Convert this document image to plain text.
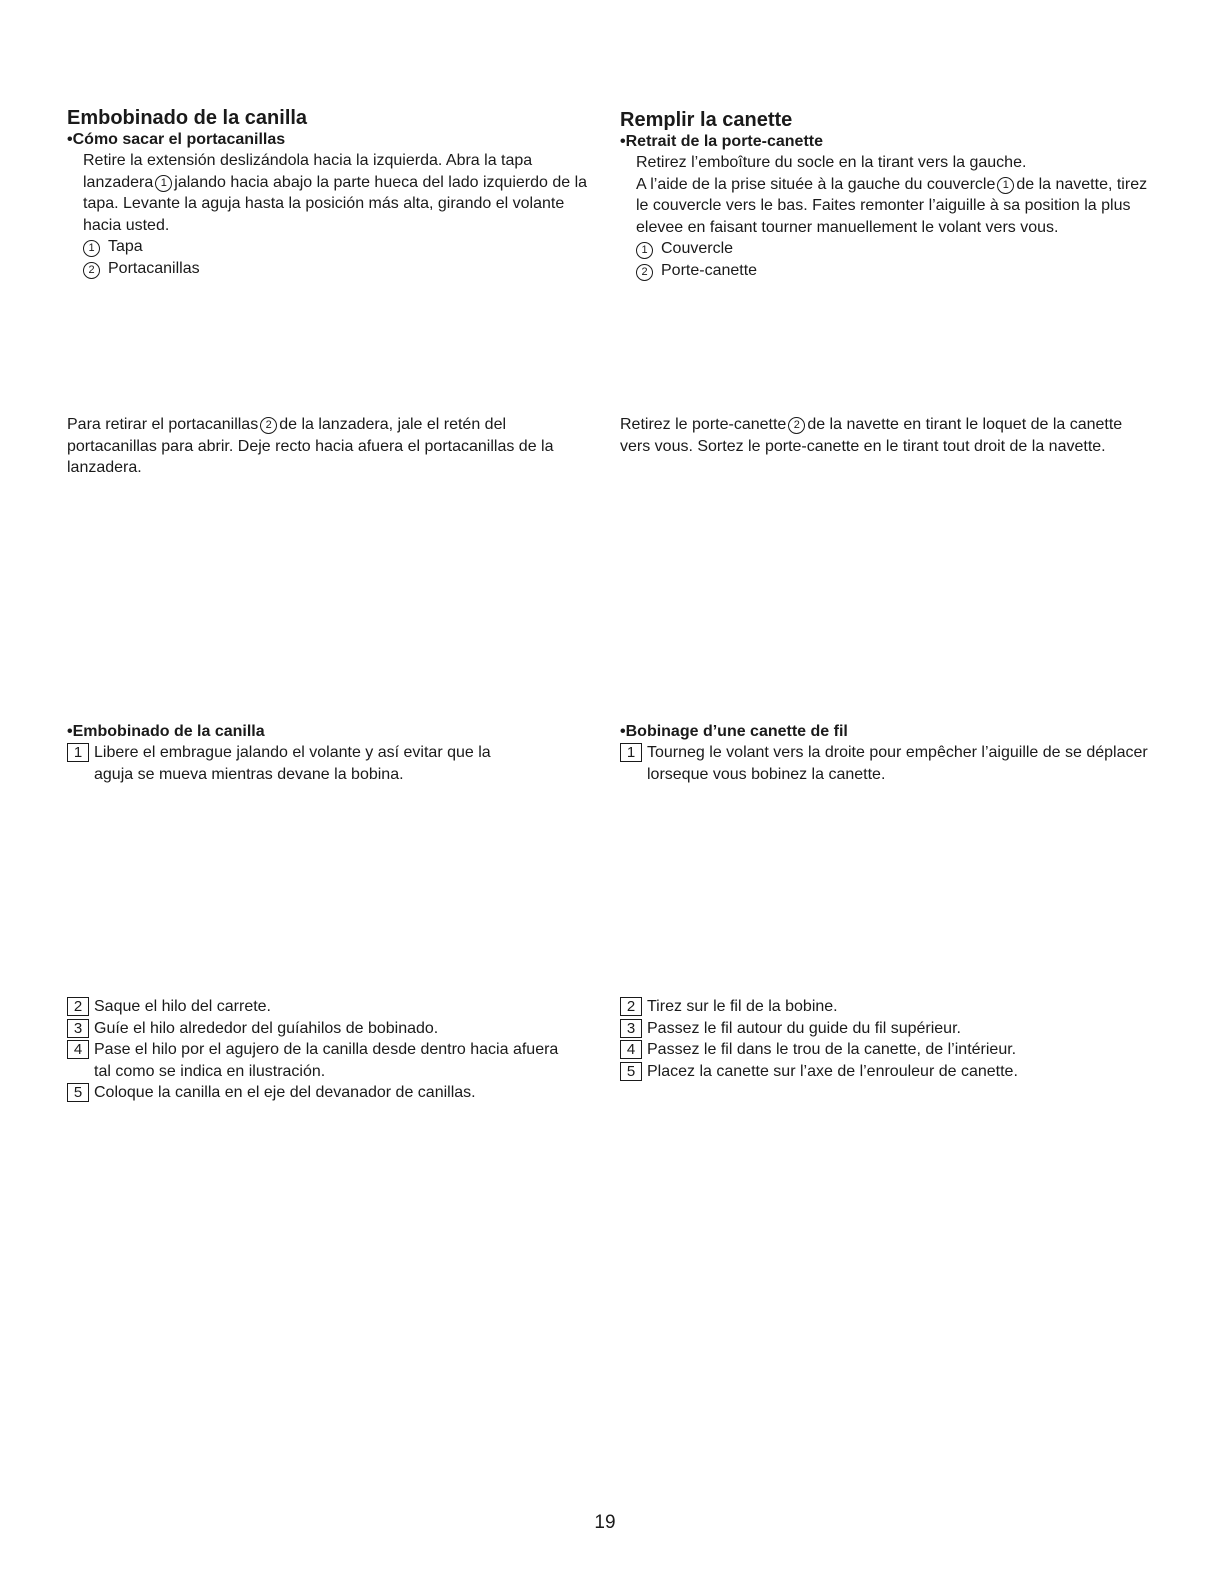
Embobinado de la canilla
• Cómo sacar el portacanillas

Retire la extensión deslizándola hacia la izquierda. Abra la tapa lanzadera 1 jalando hacia abajo la parte hueca del lado izquierdo de la tapa. Levante la aguja hasta la posición más alta, girando el volante hacia usted.

1 Tapa
2 Portacanillas

Para retirar el portacanillas 2 de la lanzadera, jale el retén del portacanillas para abrir. Deje recto hacia afuera el portacanillas de la lanzadera.

• Embobinado de la canilla
1 Libere el embrague jalando el volante y así evitar que la aguja se mueva mientras devane la bobina.
2 Saque el hilo del carrete.
3 Guíe el hilo alrededor del guíahilos de bobinado.
4 Pase el hilo por el agujero de la canilla desde dentro hacia afuera tal como se indica en ilustración.
5 Coloque la canilla en el eje del devanador de canillas.
Remplir la canette
• Retrait de la porte-canette

Retirez l’emboîture du socle en la tirant vers la gauche.

A l’aide de la prise située à la gauche du couvercle 1 de la navette, tirez le couvercle vers le bas. Faites remonter l’aiguille à sa position la plus elevee en faisant tourner manuellement le volant vers vous.

1 Couvercle
2 Porte-canette

Retirez le porte-canette 2 de la navette en tirant le loquet de la canette vers vous. Sortez le porte-canette en le tirant tout droit de la navette.

• Bobinage d’une canette de fil
1 Tourneg le volant vers la droite pour empêcher l’aiguille de se déplacer lorseque vous bobinez la canette.
2 Tirez sur le fil de la bobine.
3 Passez le fil autour du guide du fil supérieur.
4 Passez le fil dans le trou de la canette, de l’intérieur.
5 Placez la canette sur l’axe de l’enrouleur de canette.
19
